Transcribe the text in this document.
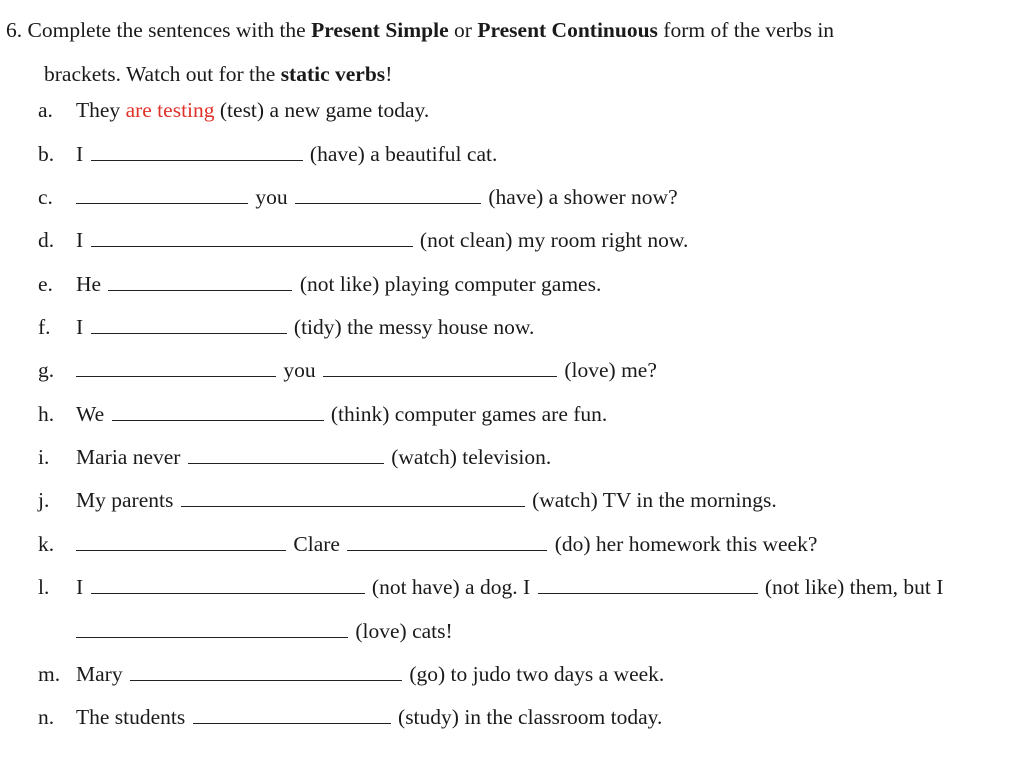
6. Complete the sentences with the Present Simple or Present Continuous form of the verbs in
brackets. Watch out for the static verbs!
a. They are testing (test) a new game today.
b. I	(have) a beautiful cat.
c.	you	(have) a shower now?
d. I	(not clean) my room right now.
e. He	(not like) playing computer games.
f. I	(tidy) the messy house now.
g.	you	(love) me?
h. We	(think) computer games are fun.
i. Maria never	(watch) television.
j. My parents	(watch) TV in the mornings.
k.	Clare	(do) her homework this week?
l. I	(not have) a dog. I	(not like) them, but I
(love) cats!
m. Mary	(go) to judo two days a week.
n. The students	(study) in the classroom today.
